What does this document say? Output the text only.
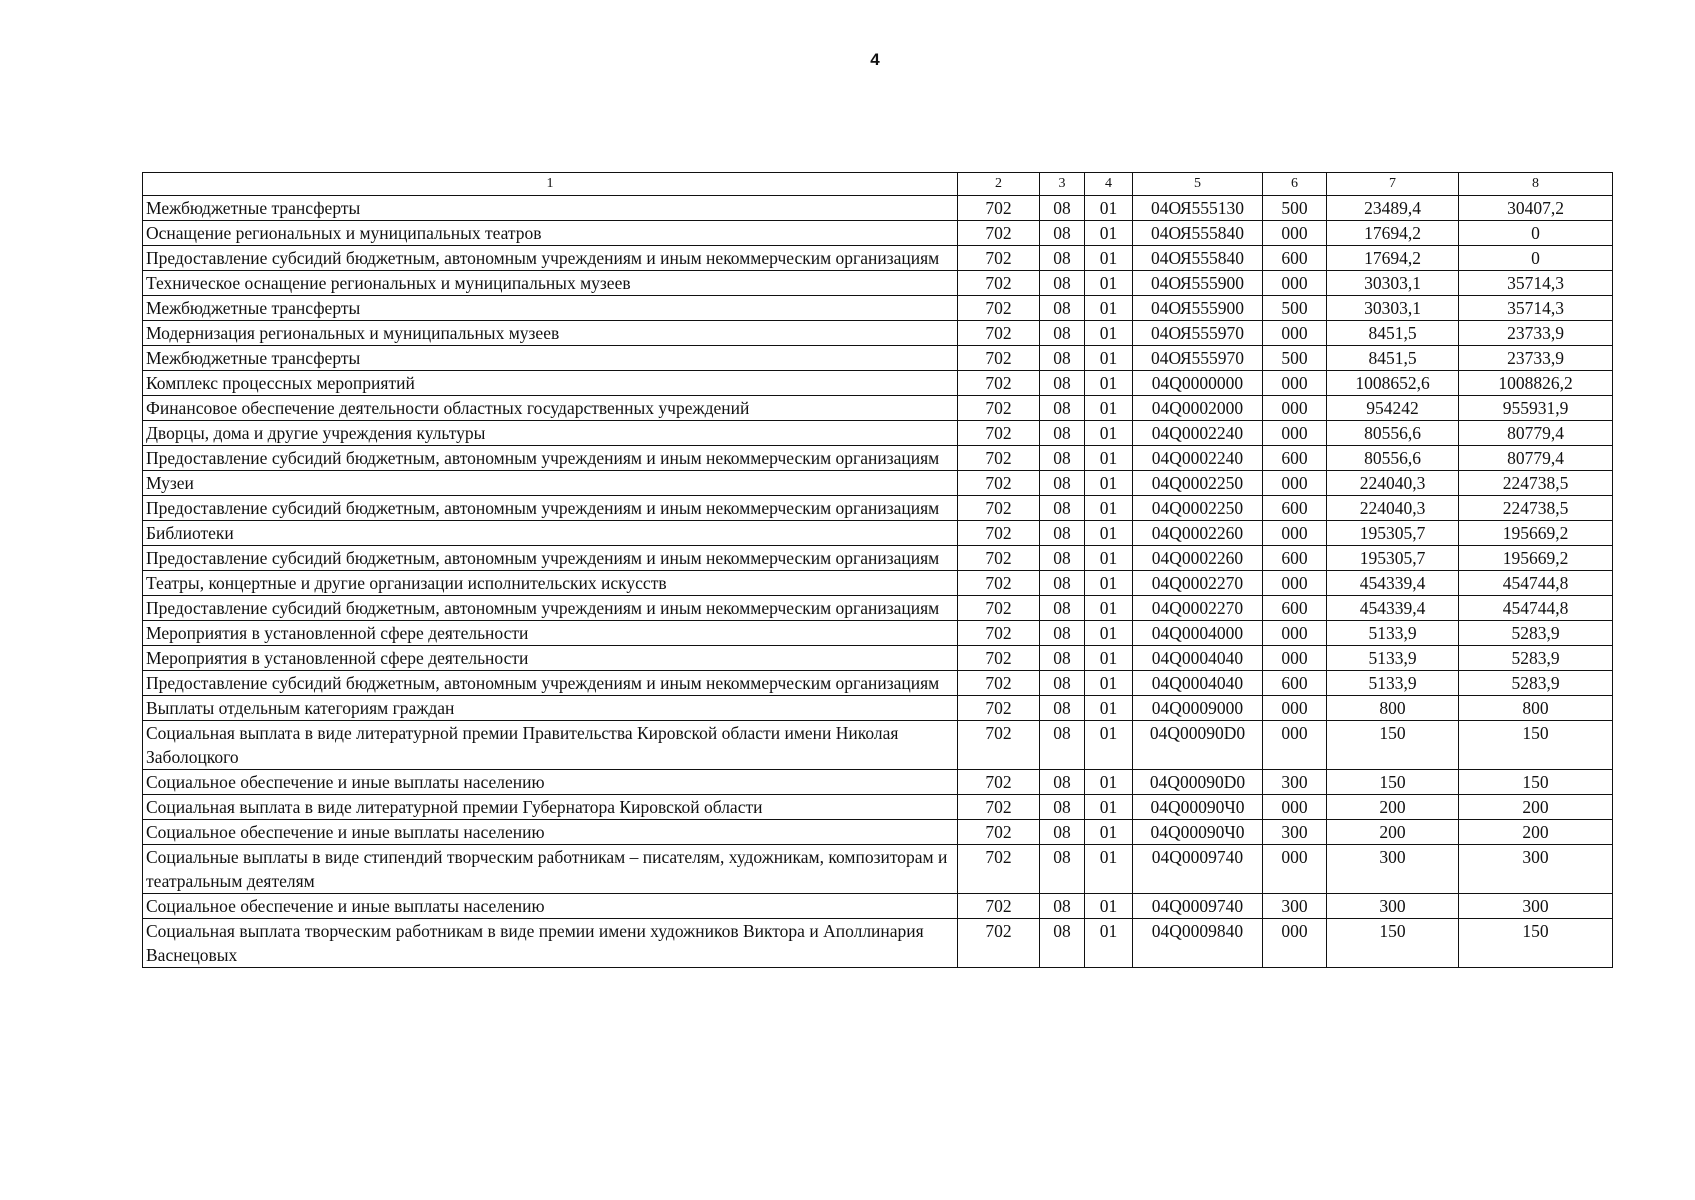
4
1	2	3	4	5	6	7	8
Межбюджетные трансферты	702	08	01	04ОЯ555130	500	23489,4	30407,2
Оснащение региональных и муниципальных театров	702	08	01	04ОЯ555840	000	17694,2	0
Предоставление субсидий бюджетным, автономным учреждениям и иным некоммерческим организациям	702	08	01	04ОЯ555840	600	17694,2	0
Техническое оснащение региональных и муниципальных музеев	702	08	01	04ОЯ555900	000	30303,1	35714,3
Межбюджетные трансферты	702	08	01	04ОЯ555900	500	30303,1	35714,3
Модернизация региональных и муниципальных музеев	702	08	01	04ОЯ555970	000	8451,5	23733,9
Межбюджетные трансферты	702	08	01	04ОЯ555970	500	8451,5	23733,9
Комплекс процессных мероприятий	702	08	01	04Q0000000	000	1008652,6	1008826,2
Финансовое обеспечение деятельности областных государственных учреждений	702	08	01	04Q0002000	000	954242	955931,9
Дворцы, дома и другие учреждения культуры	702	08	01	04Q0002240	000	80556,6	80779,4
Предоставление субсидий бюджетным, автономным учреждениям и иным некоммерческим организациям	702	08	01	04Q0002240	600	80556,6	80779,4
Музеи	702	08	01	04Q0002250	000	224040,3	224738,5
Предоставление субсидий бюджетным, автономным учреждениям и иным некоммерческим организациям	702	08	01	04Q0002250	600	224040,3	224738,5
Библиотеки	702	08	01	04Q0002260	000	195305,7	195669,2
Предоставление субсидий бюджетным, автономным учреждениям и иным некоммерческим организациям	702	08	01	04Q0002260	600	195305,7	195669,2
Театры, концертные и другие организации исполнительских искусств	702	08	01	04Q0002270	000	454339,4	454744,8
Предоставление субсидий бюджетным, автономным учреждениям и иным некоммерческим организациям	702	08	01	04Q0002270	600	454339,4	454744,8
Мероприятия в установленной сфере деятельности	702	08	01	04Q0004000	000	5133,9	5283,9
Мероприятия в установленной сфере деятельности	702	08	01	04Q0004040	000	5133,9	5283,9
Предоставление субсидий бюджетным, автономным учреждениям и иным некоммерческим организациям	702	08	01	04Q0004040	600	5133,9	5283,9
Выплаты отдельным категориям граждан	702	08	01	04Q0009000	000	800	800
Социальная выплата в виде литературной премии Правительства Кировской области имени Николая Заболоцкого	702	08	01	04Q00090D0	000	150	150
Социальное обеспечение и иные выплаты населению	702	08	01	04Q00090D0	300	150	150
Социальная выплата в виде литературной премии Губернатора Кировской области	702	08	01	04Q00090Ч0	000	200	200
Социальное обеспечение и иные выплаты населению	702	08	01	04Q00090Ч0	300	200	200
Социальные выплаты в виде стипендий творческим работникам – писателям, художникам, композиторам и театральным деятелям	702	08	01	04Q0009740	000	300	300
Социальное обеспечение и иные выплаты населению	702	08	01	04Q0009740	300	300	300
Социальная выплата творческим работникам в виде премии имени художников Виктора и Аполлинария Васнецовых	702	08	01	04Q0009840	000	150	150
